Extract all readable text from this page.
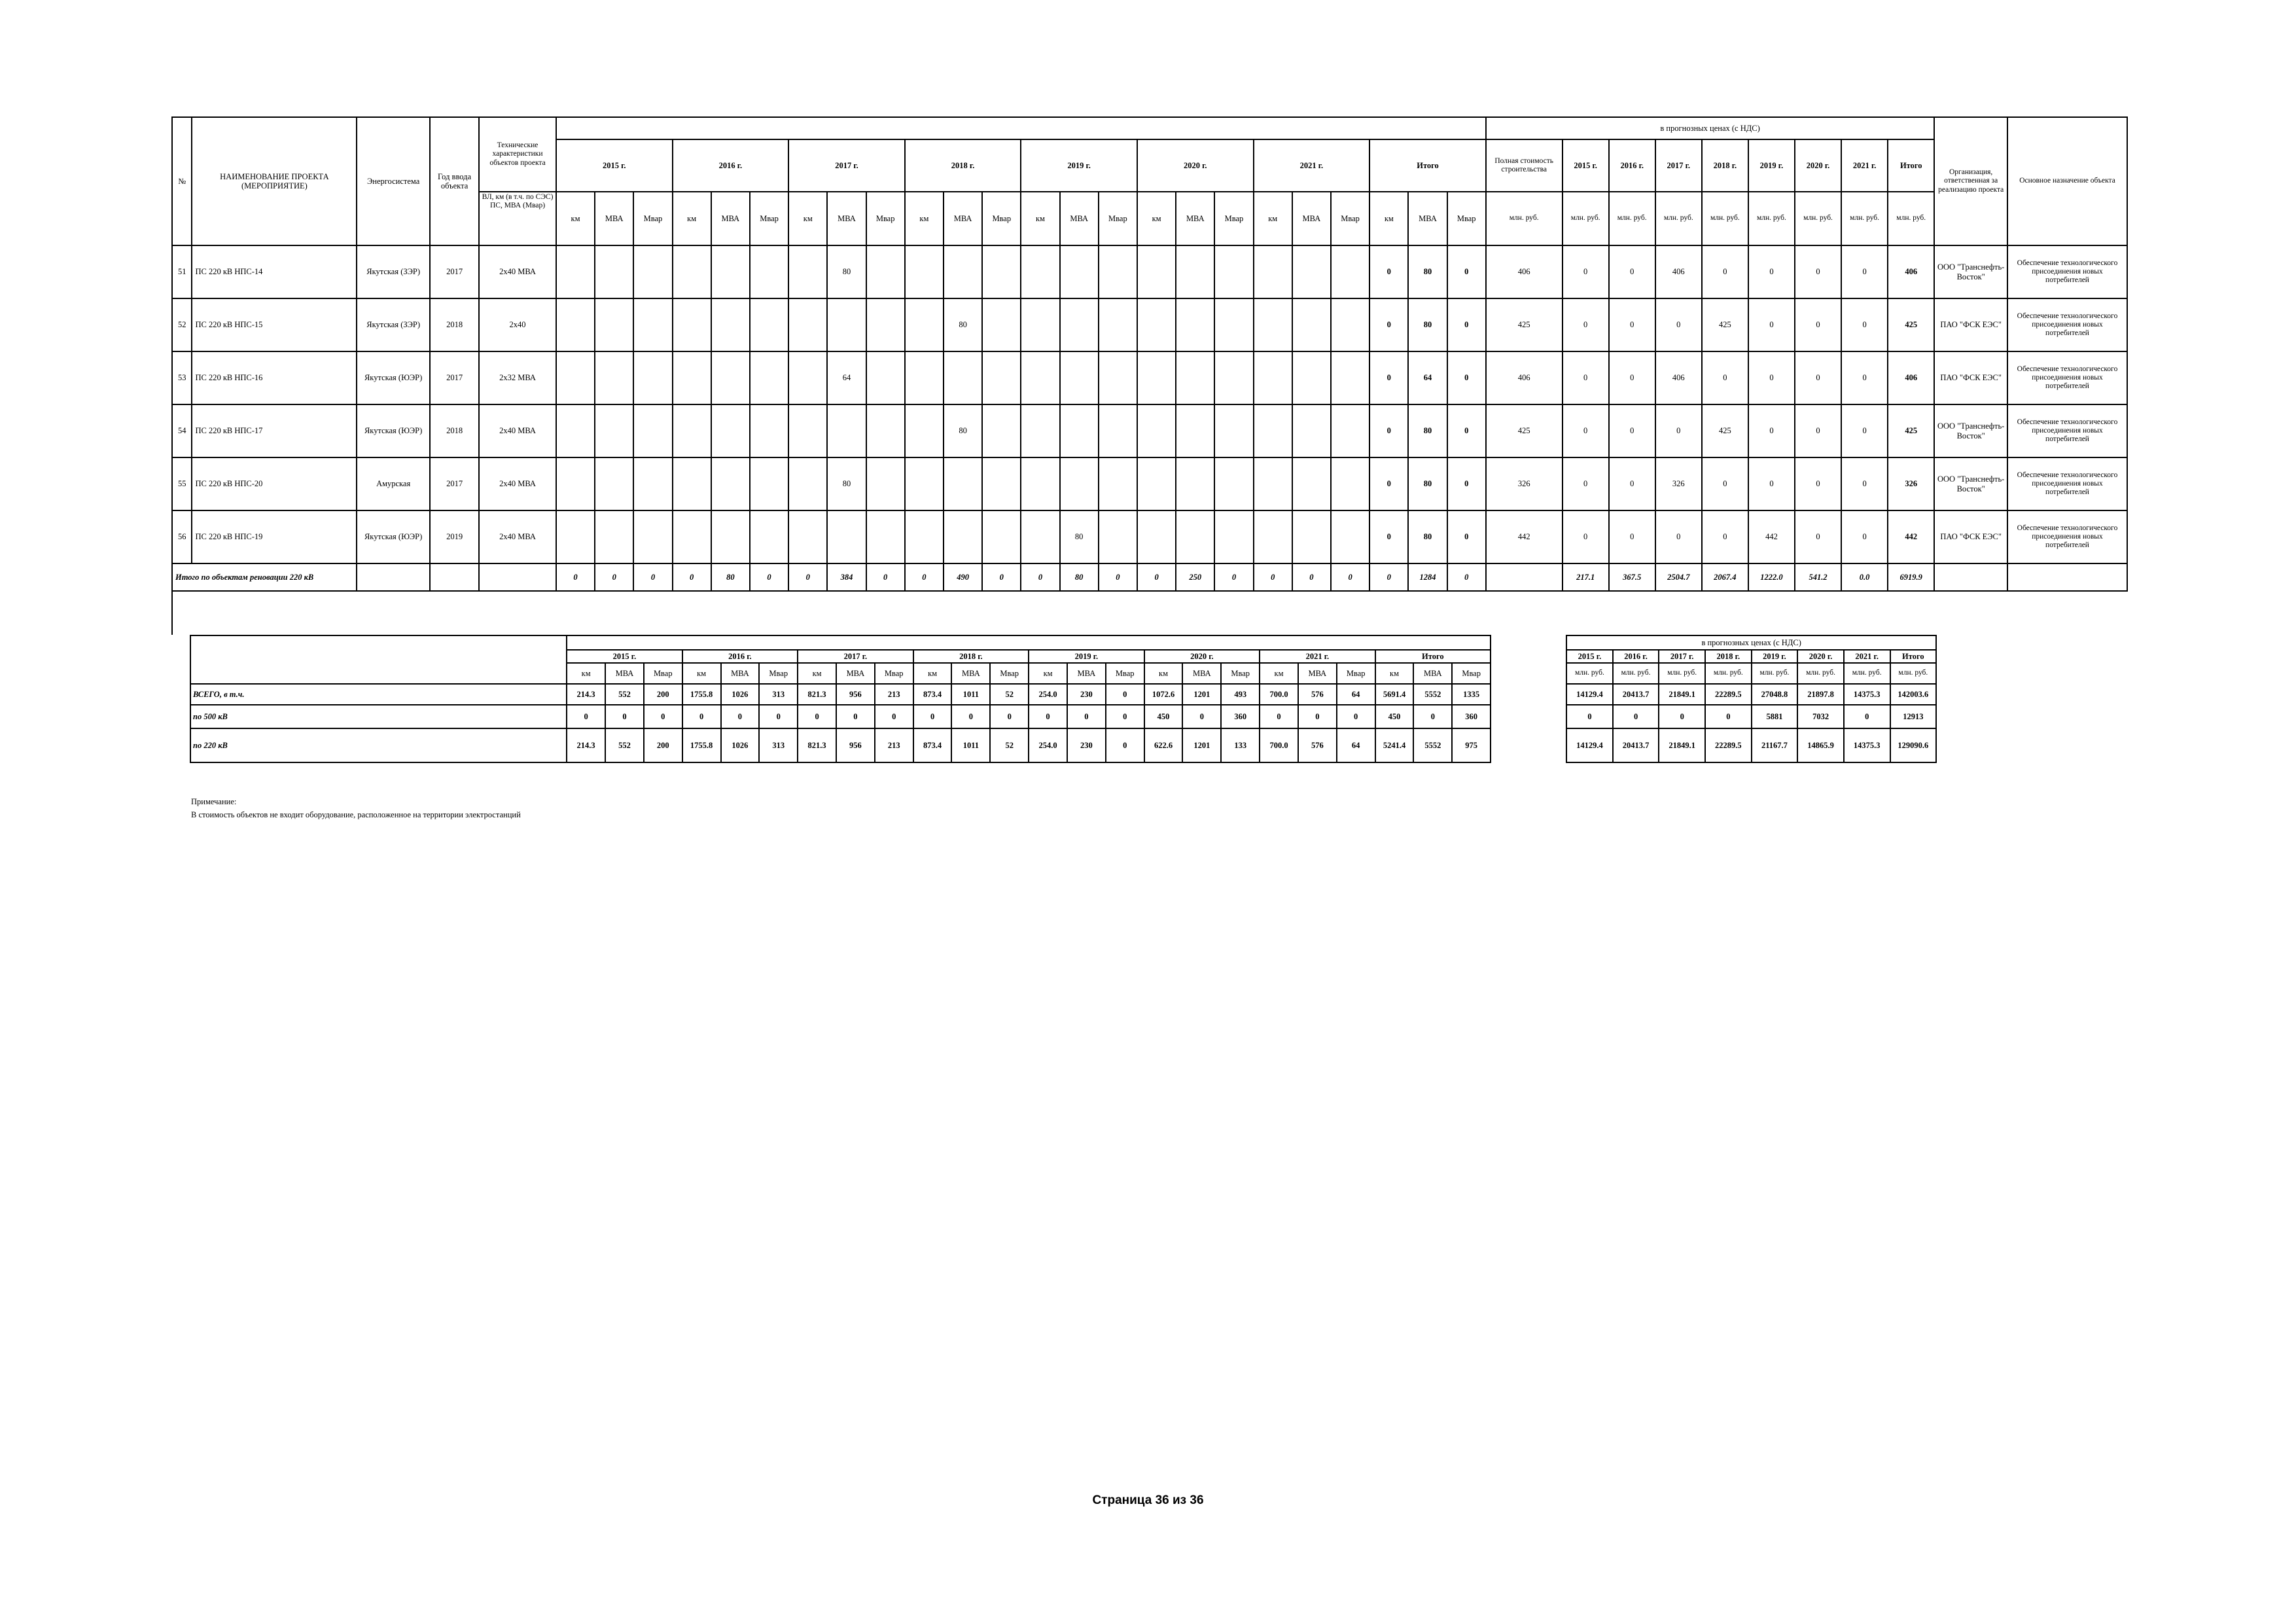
№	НАИМЕНОВАНИЕ ПРОЕКТА (МЕРОПРИЯТИЕ)	Энергосистема	Год ввода объекта	Технические характеристики объектов проекта																									в прогнозных ценах (с НДС)									Организация, ответственная за реализацию проекта	Основное назначение объекта
					2015 г.			2016 г.			2017 г.			2018 г.			2019 г.			2020 г.			2021 г.			Итого			Полная стоимость строительства	2015 г.	2016 г.	2017 г.	2018 г.	2019 г.	2020 г.	2021 г.	Итого		
				ВЛ, км (в т.ч. по СЭС) ПС, МВА (Мвар)	км	МВА	Мвар	км	МВА	Мвар	км	МВА	Мвар	км	МВА	Мвар	км	МВА	Мвар	км	МВА	Мвар	км	МВА	Мвар	км	МВА	Мвар	млн. руб.	млн. руб.	млн. руб.	млн. руб.	млн. руб.	млн. руб.	млн. руб.	млн. руб.	млн. руб.		
51	ПС 220 кВ НПС-14	Якутская (ЗЭР)	2017	2х40 МВА								80														0	80	0	406	0	0	406	0	0	0	0	406	ООО "Транснефть-Восток"	Обеспечение технологического присоединения новых потребителей
52	ПС 220 кВ НПС-15	Якутская (ЗЭР)	2018	2х40											80											0	80	0	425	0	0	0	425	0	0	0	425	ПАО "ФСК ЕЭС"	Обеспечение технологического присоединения новых потребителей
53	ПС 220 кВ НПС-16	Якутская (ЮЭР)	2017	2х32 МВА								64														0	64	0	406	0	0	406	0	0	0	0	406	ПАО "ФСК ЕЭС"	Обеспечение технологического присоединения новых потребителей
54	ПС 220 кВ НПС-17	Якутская (ЮЭР)	2018	2х40 МВА											80											0	80	0	425	0	0	0	425	0	0	0	425	ООО "Транснефть-Восток"	Обеспечение технологического присоединения новых потребителей
55	ПС 220 кВ НПС-20	Амурская	2017	2х40 МВА								80														0	80	0	326	0	0	326	0	0	0	0	326	ООО "Транснефть-Восток"	Обеспечение технологического присоединения новых потребителей
56	ПС 220 кВ НПС-19	Якутская (ЮЭР)	2019	2х40 МВА														80								0	80	0	442	0	0	0	0	442	0	0	442	ПАО "ФСК ЕЭС"	Обеспечение технологического присоединения новых потребителей
Итого по объектам реновации 220 кВ					0	0	0	0	80	0	0	384	0	0	490	0	0	80	0	0	250	0	0	0	0	0	1284	0		217.1	367.5	2504.7	2067.4	1222.0	541.2	0.0	6919.9		
																										в прогнозных ценах (с НДС)								
	2015 г.			2016 г.			2017 г.			2018 г.			2019 г.			2020 г.			2021 г.			Итого				2015 г.	2016 г.	2017 г.	2018 г.	2019 г.	2020 г.	2021 г.	Итого	
	км	МВА	Мвар	км	МВА	Мвар	км	МВА	Мвар	км	МВА	Мвар	км	МВА	Мвар	км	МВА	Мвар	км	МВА	Мвар	км	МВА	Мвар		млн. руб.	млн. руб.	млн. руб.	млн. руб.	млн. руб.	млн. руб.	млн. руб.	млн. руб.	
ВСЕГО, в т.ч.	214.3	552	200	1755.8	1026	313	821.3	956	213	873.4	1011	52	254.0	230	0	1072.6	1201	493	700.0	576	64	5691.4	5552	1335		14129.4	20413.7	21849.1	22289.5	27048.8	21897.8	14375.3	142003.6	
по 500 кВ	0	0	0	0	0	0	0	0	0	0	0	0	0	0	0	450	0	360	0	0	0	450	0	360		0	0	0	0	5881	7032	0	12913	
по 220 кВ	214.3	552	200	1755.8	1026	313	821.3	956	213	873.4	1011	52	254.0	230	0	622.6	1201	133	700.0	576	64	5241.4	5552	975		14129.4	20413.7	21849.1	22289.5	21167.7	14865.9	14375.3	129090.6	
Примечание:
В стоимость объектов не входит оборудование, расположенное на территории электростанций
Страница 36 из 36
